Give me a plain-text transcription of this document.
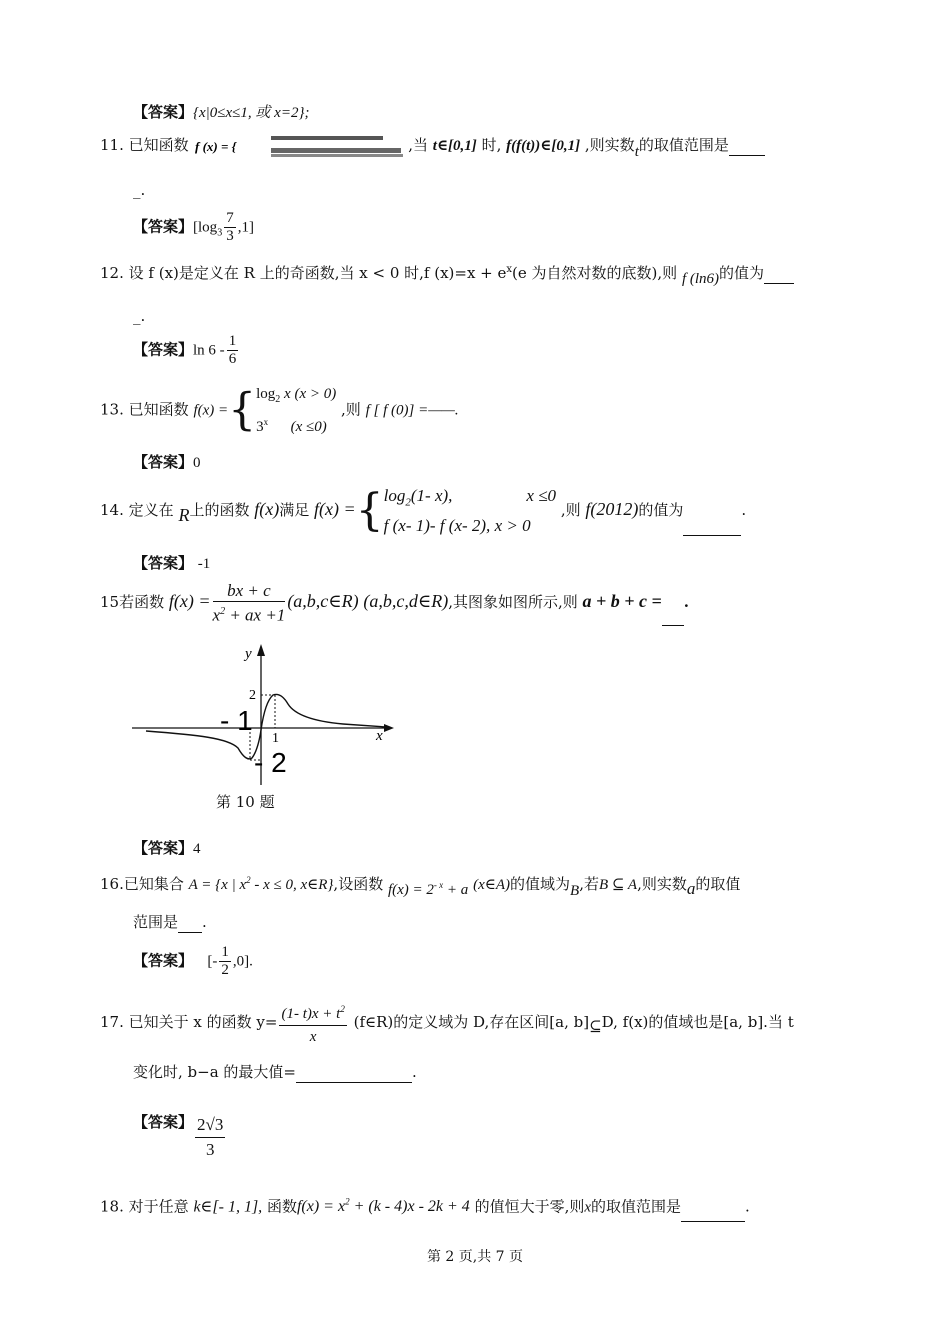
【答案】{x|0≤x≤1, 或 x=2};
11. 已知函数 f (x) = {	,当 t∈[0,1] 时, f(f(t))∈[0,1] ,则实数t的取值范围是
_.
【答案】$[\log_3 \frac{7}{3} ,1]$
12. 设 f (x)是定义在 R 上的奇函数,当 x < 0 时,f $(x)=x + e^x(e$ 为自然对数的底数),则 f (ln6)的值为
_.
【答案】$\ln 6 - \frac{1}{6}$
13. 已知函数 f(x) ={ $\log_2 x$ (x > 0)
3$^x$ (x ≤0)
,则 f [ f (0)] =——.
【答案】0
14. 定义在 R上的函数 f(x)满足 f(x) ={ $\log_2(1-$ x),	x ≤0
f (x- 1)- f (x- 2), x > 0
,则 f(2012)的值为	.
【答案】 -1
15若函数 $f(x) = \frac{bx + c}{x^2 + ax +1}$ (a,b,c∈R) (a,b,c,d∈R),其图象如图所示,则 a + b + c = .
y
x
2
1
- 1
- 2
第 10 题
【答案】4
16.已知集合 A = {x | $x^2 - x \le 0$, x∈R},设函数 $f(x) = 2^{- x} + a$ (x∈A)的值域为B,若B ⊆ A,则实数a的取值
范围是 .
【答案】 [- $\frac{1}{2} ,0$].
17. 已知关于 x 的函数 $y= \frac{(1- t)x + t^2}{x}$ (f∈R)的定义域为 D,存在区间[a, b]⊆D, f(x)的值域也是[a, b].当 t
变化时, b−a 的最大值=	.
【答案】 $\frac{2√3}{3}$
18. 对于任意 k∈[- 1, 1], 函数$f(x) = x^2 + (k - 4)x - 2k + 4$ 的值恒大于零,则x的取值范围是	.
第 2 页,共 7 页
